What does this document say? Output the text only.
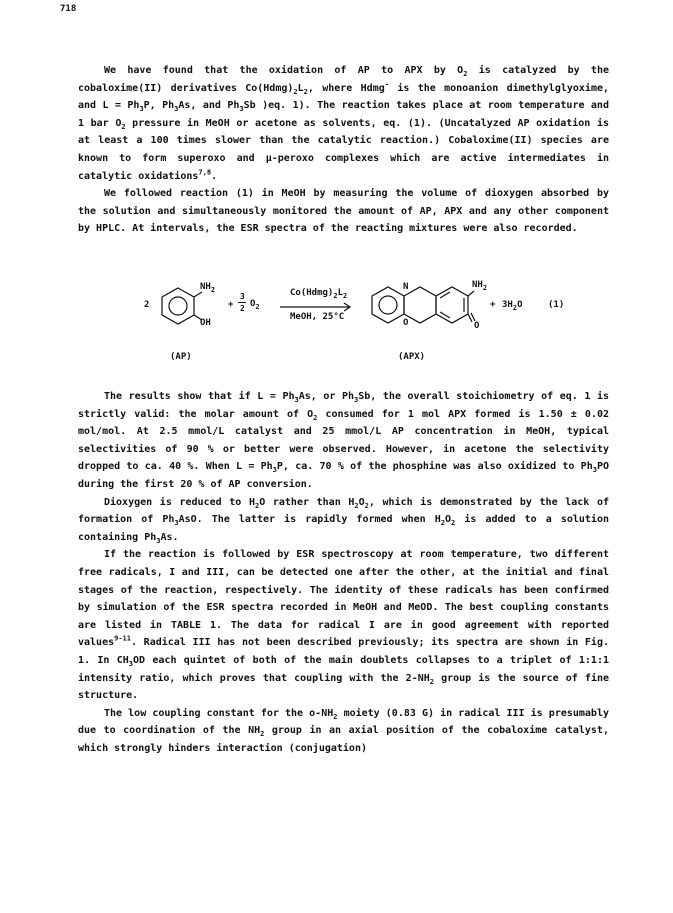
718

We have found that the oxidation of AP to APX by $O_2$ is catalyzed by the cobaloxime(II) derivatives $Co(Hdmg)_2L_2$, where Hdmg- is the monoanion dimethylglyoxime, and $L = Ph_3P$, $Ph_3As$, and $Ph_3Sb$ )eq. 1). The reaction takes place at room temperature and 1 bar $O_2$ pressure in MeOH or acetone as solvents, eq. (1). (Uncatalyzed AP oxidation is at least a 100 times slower than the catalytic reaction.) Cobaloxime(II) species are known to form superoxo and μ-peroxo complexes which are active intermediates in catalytic oxidations$^{7,8}$.

We followed reaction (1) in MeOH by measuring the volume of dioxygen absorbed by the solution and simultaneously monitored the amount of AP, APX and any other component by HPLC. At intervals, the ESR spectra of the reacting mixtures were also recorded.

2
$NH_2$
OH
+
3
2 $O_2$
$Co(Hdmg)_2L_2$
MeOH, 25°C
N
O
$NH_2$
O
+ $3H_2O$	(1)
(AP)	(APX)

The results show that if $L = Ph_3As$, or $Ph_3Sb$, the overall stoichiometry of eq. 1 is strictly valid: the molar amount of $O_2$ consumed for 1 mol APX formed is 1.50 ± 0.02 mol/mol. At 2.5 mmol/L catalyst and 25 mmol/L AP concentration in MeOH, typical selectivities of 90 % or better were observed. However, in acetone the selectivity dropped to ca. 40 %. When $L = Ph_3P$, ca. 70 % of the phosphine was also oxidized to $Ph_3PO$ during the first 20 % of AP conversion.

Dioxygen is reduced to $H_2O$ rather than $H_2O_2$, which is demonstrated by the lack of formation of $Ph_3AsO$. The latter is rapidly formed when $H_2O_2$ is added to a solution containing $Ph_3As$.

If the reaction is followed by ESR spectroscopy at room temperature, two different free radicals, I and III, can be detected one after the other, at the initial and final stages of the reaction, respectively. The identity of these radicals has been confirmed by simulation of the ESR spectra recorded in MeOH and MeOD. The best coupling constants are listed in TABLE 1. The data for radical I are in good agreement with reported values$^{9-11}$. Radical III has not been described previously; its spectra are shown in Fig. 1. In $CH_3OD$ each quintet of both of the main doublets collapses to a triplet of 1:1:1 intensity ratio, which proves that coupling with the $2-NH_2$ group is the source of fine structure.

The low coupling constant for the $o-NH_2$ moiety (0.83 G) in radical III is presumably due to coordination of the $NH_2$ group in an axial position of the cobaloxime catalyst, which strongly hinders interaction (conjugation)
